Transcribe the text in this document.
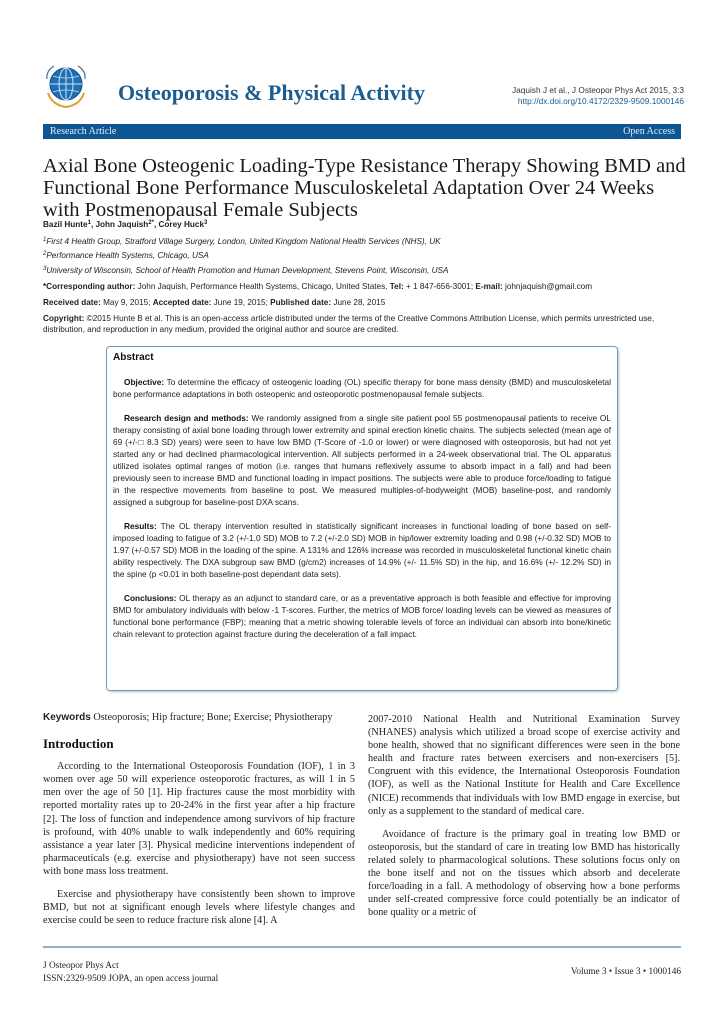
Osteoporosis & Physical Activity	Jaquish J et al., J Osteopor Phys Act 2015, 3:3
http://dx.doi.org/10.4172/2329-9509.1000146
Research Article	Open Access
Axial Bone Osteogenic Loading-Type Resistance Therapy Showing BMD and Functional Bone Performance Musculoskeletal Adaptation Over 24 Weeks with Postmenopausal Female Subjects
Bazil Hunte$^1$, John Jaquish$^{2*}$, Corey Huck$^3$
$^1$First 4 Health Group, Stratford Village Surgery, London, United Kingdom National Health Services (NHS), UK
$^2$Performance Health Systems, Chicago, USA
$^3$University of Wisconsin, School of Health Promotion and Human Development, Stevens Point, Wisconsin, USA
*Corresponding author: John Jaquish, Performance Health Systems, Chicago, United States, Tel: + 1 847-656-3001; E-mail: johnjaquish@gmail.com
Received date: May 9, 2015; Accepted date: June 19, 2015; Published date: June 28, 2015
Copyright: ©2015 Hunte B et al. This is an open-access article distributed under the terms of the Creative Commons Attribution License, which permits unrestricted use, distribution, and reproduction in any medium, provided the original author and source are credited.
Abstract

Objective: To determine the efficacy of osteogenic loading (OL) specific therapy for bone mass density (BMD) and musculoskeletal bone performance adaptations in both osteopenic and osteoporotic postmenopausal female subjects.

Research design and methods: We randomly assigned from a single site patient pool 55 postmenopausal patients to receive OL therapy consisting of axial bone loading through lower extremity and spinal erection kinetic chains. The subjects selected (mean age of 69 (+/-□ 8.3 SD) years) were seen to have low BMD (T-Score of -1.0 or lower) or were diagnosed with osteoporosis, but had not yet started any or had declined pharmacological intervention. All subjects performed in a 24-week observational trial. The OL apparatus utilized isolates optimal ranges of motion (i.e. ranges that humans reflexively assume to absorb impact in a fall) and had been previously seen to increase BMD and functional loading in impact positions. The subjects were able to produce force/loading to fatigue in the respective movements from baseline to post. We measured multiples-of-bodyweight (MOB) baseline-post, and randomly assigned a subgroup for baseline-post DXA scans.

Results: The OL therapy intervention resulted in statistically significant increases in functional loading of bone based on self-imposed loading to fatigue of 3.2 (+/-1.0 SD) MOB to 7.2 (+/-2.0 SD) MOB in hip/lower extremity loading and 0.98 (+/-0.32 SD) MOB to 1.97 (+/-0.57 SD) MOB in the loading of the spine. A 131% and 126% increase was recorded in musculoskeletal functional kinetic chain ability respectively. The DXA subgroup saw BMD (g/cm2) increases of 14.9% (+/- 11.5% SD) in the hip, and 16.6% (+/- 12.2% SD) in the spine (p <0.01 in both baseline-post dependant data sets).

Conclusions: OL therapy as an adjunct to standard care, or as a preventative approach is both feasible and effective for improving BMD for ambulatory individuals with below -1 T-scores. Further, the metrics of MOB force/ loading levels can be viewed as measures of functional bone performance (FBP); meaning that a metric showing tolerable levels of force an individual can absorb into bone/kinetic chain relevant to protection against fracture during the deceleration of a fall impact.

Keywords Osteoporosis; Hip fracture; Bone; Exercise; Physiotherapy
Introduction

According to the International Osteoporosis Foundation (IOF), 1 in 3 women over age 50 will experience osteoporotic fractures, as will 1 in 5 men over the age of 50 [1]. Hip fractures cause the most morbidity with reported mortality rates up to 20-24% in the first year after a hip fracture [2]. The loss of function and independence among survivors of hip fracture is profound, with 40% unable to walk independently and 60% requiring assistance a year later [3]. Physical medicine interventions independent of pharmaceuticals (e.g. exercise and physiotherapy) have not seen success with bone mass loss treatment.

Exercise and physiotherapy have consistently been shown to improve BMD, but not at significant enough levels where lifestyle changes and exercise could be seen to reduce fracture risk alone [4]. A

2007-2010 National Health and Nutritional Examination Survey (NHANES) analysis which utilized a broad scope of exercise activity and bone health, showed that no significant differences were seen in the bone health and fracture rates between exercisers and non-exercisers [5]. Congruent with this evidence, the International Osteoporosis Foundation (IOF), as well as the National Institute for Health and Care Excellence (NICE) recommends that individuals with low BMD engage in exercise, but only as a supplement to the standard of medical care.

Avoidance of fracture is the primary goal in treating low BMD or osteoporosis, but the standard of care in treating low BMD has historically related solely to pharmacological solutions. These solutions focus only on the bone itself and not on the tissues which absorb and decelerate force/loading in a fall. A methodology of observing how a bone performs under self-created compressive force could potentially be an indicator of bone quality or a metric of

J Osteopor Phys Act
ISSN:2329-9509 JOPA, an open access journal
Volume 3 • Issue 3 • 1000146
